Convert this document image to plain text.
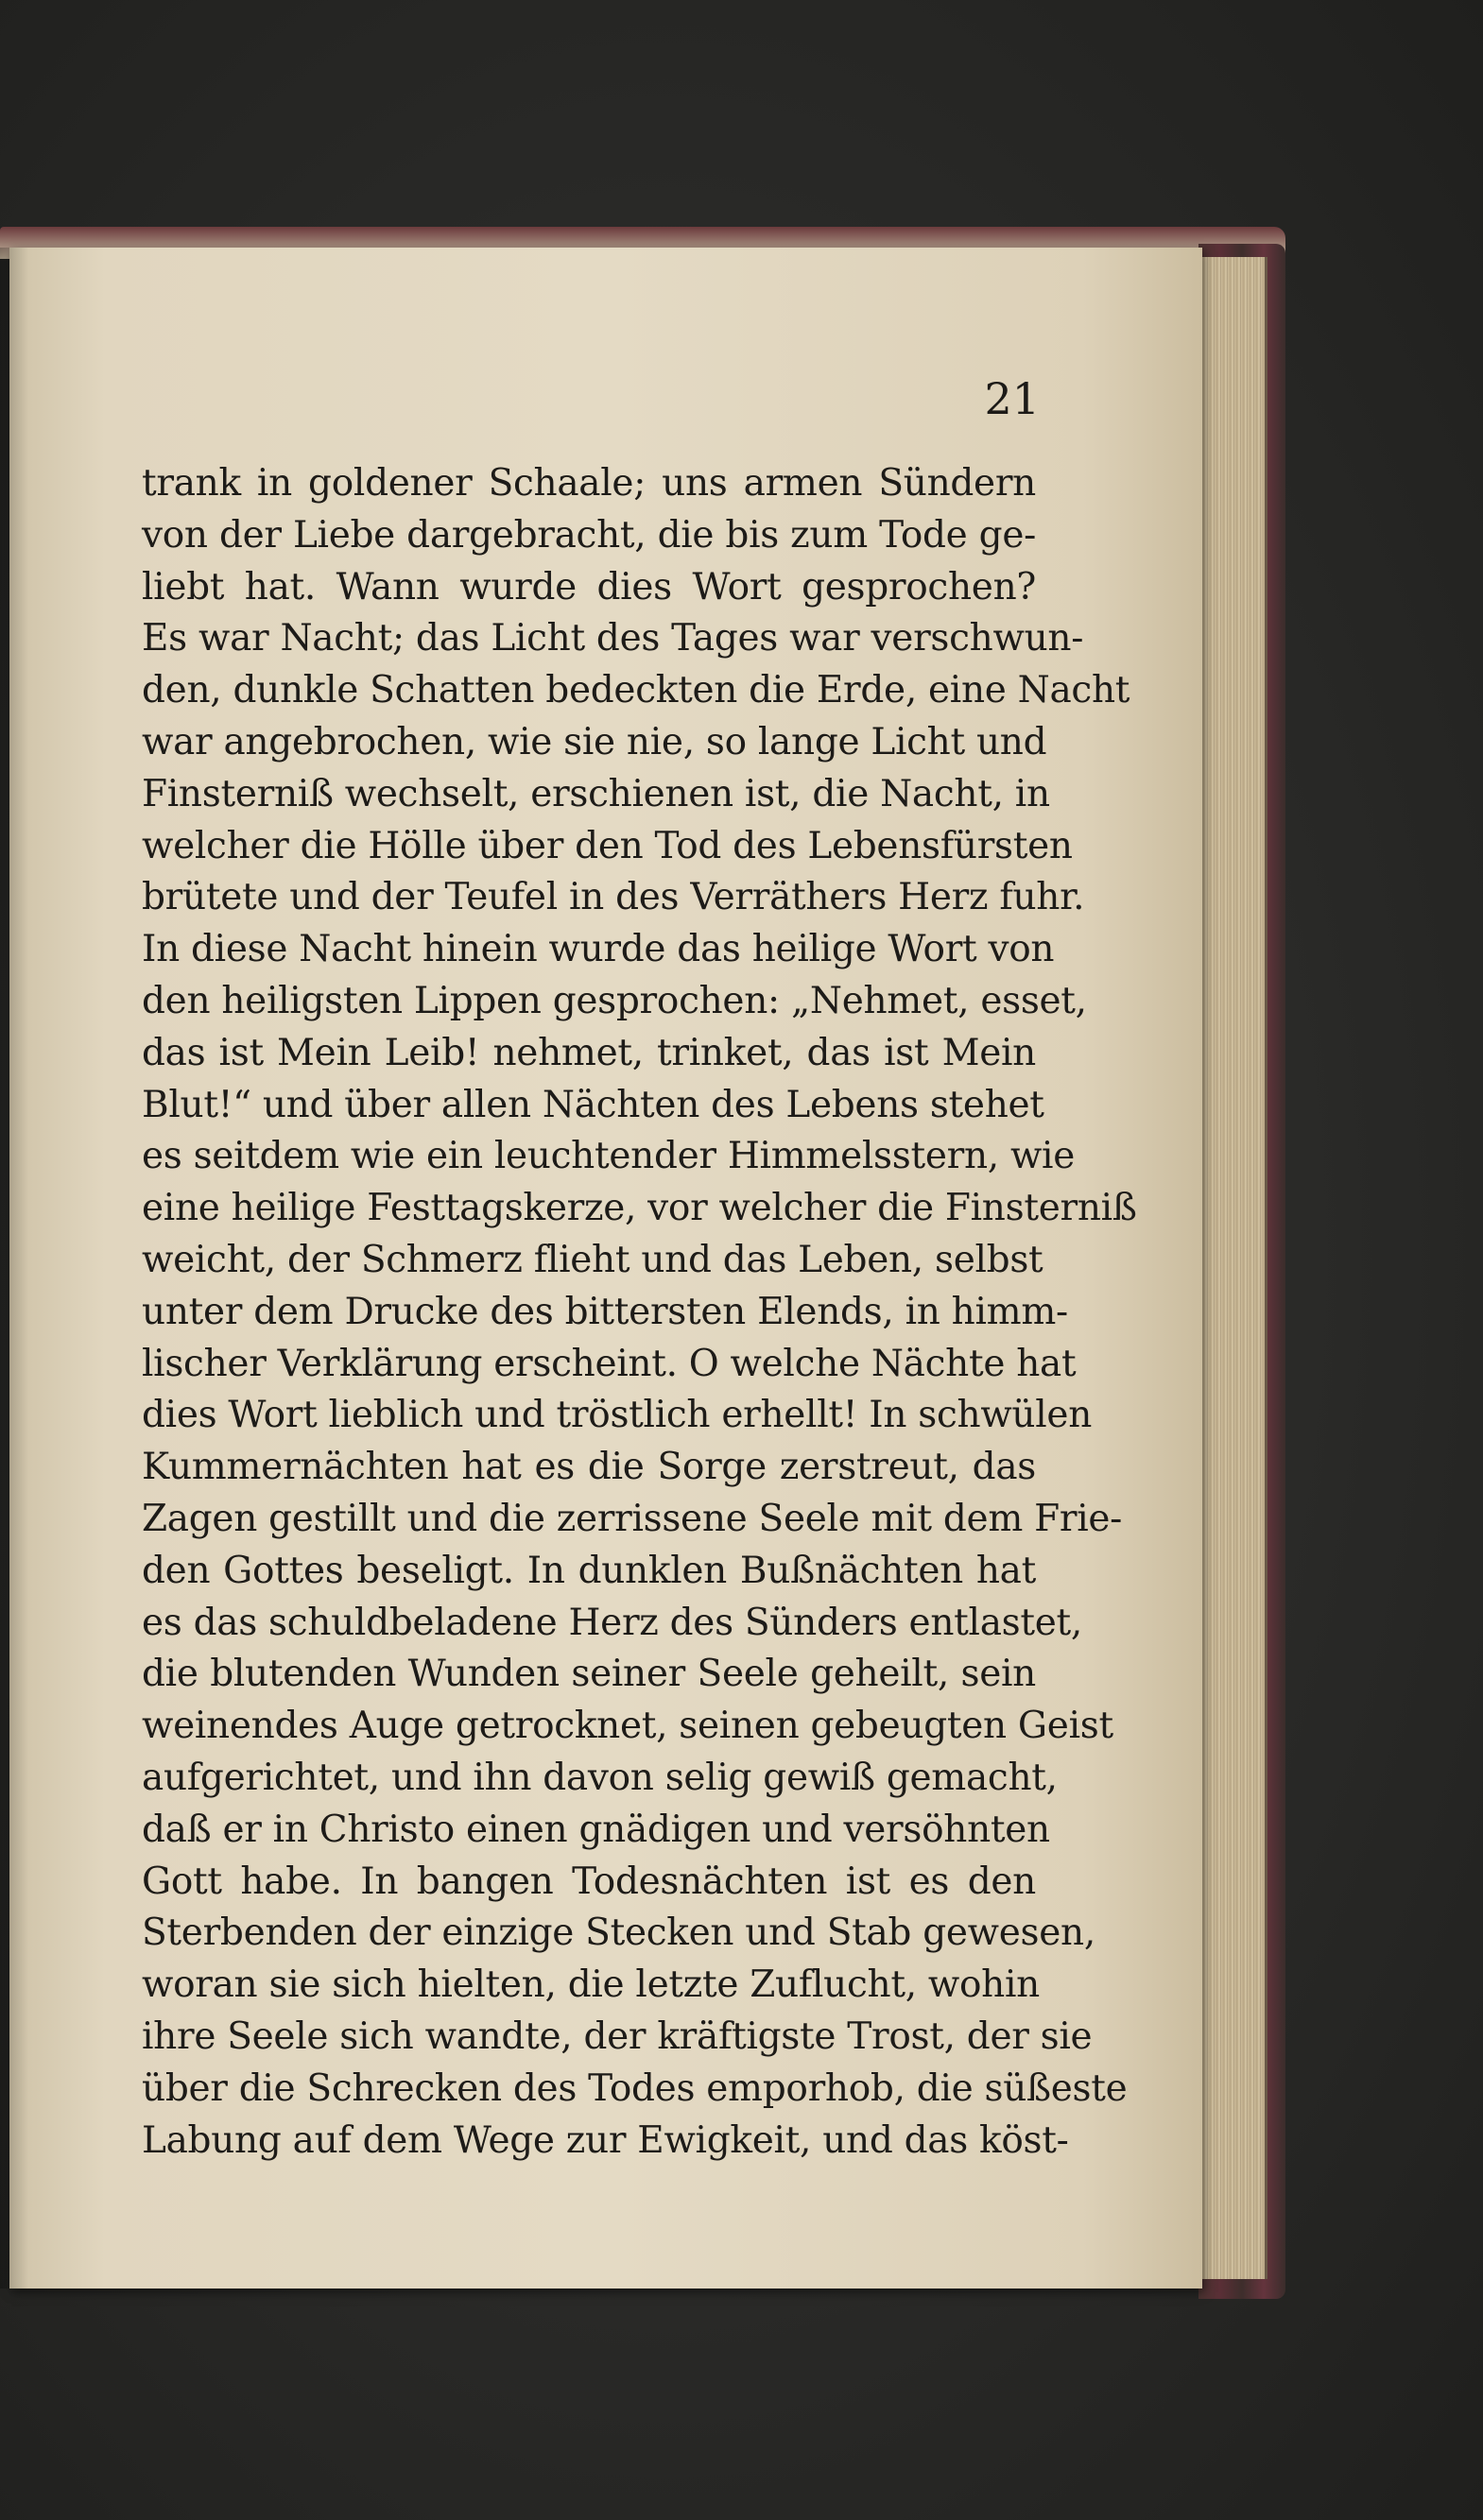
21
trank in goldener Schaale; uns armen Sündern
von der Liebe dargebracht, die bis zum Tode ge-
liebt hat. Wann wurde dies Wort gesprochen?
Es war Nacht; das Licht des Tages war verschwun-
den, dunkle Schatten bedeckten die Erde, eine Nacht
war angebrochen, wie sie nie, so lange Licht und
Finsterniß wechselt, erschienen ist, die Nacht, in
welcher die Hölle über den Tod des Lebensfürsten
brütete und der Teufel in des Verräthers Herz fuhr.
In diese Nacht hinein wurde das heilige Wort von
den heiligsten Lippen gesprochen: „Nehmet, esset,
das ist Mein Leib! nehmet, trinket, das ist Mein
Blut!“ und über allen Nächten des Lebens stehet
es seitdem wie ein leuchtender Himmelsstern, wie
eine heilige Festtagskerze, vor welcher die Finsterniß
weicht, der Schmerz flieht und das Leben, selbst
unter dem Drucke des bittersten Elends, in himm-
lischer Verklärung erscheint. O welche Nächte hat
dies Wort lieblich und tröstlich erhellt! In schwülen
Kummernächten hat es die Sorge zerstreut, das
Zagen gestillt und die zerrissene Seele mit dem Frie-
den Gottes beseligt. In dunklen Bußnächten hat
es das schuldbeladene Herz des Sünders entlastet,
die blutenden Wunden seiner Seele geheilt, sein
weinendes Auge getrocknet, seinen gebeugten Geist
aufgerichtet, und ihn davon selig gewiß gemacht,
daß er in Christo einen gnädigen und versöhnten
Gott habe. In bangen Todesnächten ist es den
Sterbenden der einzige Stecken und Stab gewesen,
woran sie sich hielten, die letzte Zuflucht, wohin
ihre Seele sich wandte, der kräftigste Trost, der sie
über die Schrecken des Todes emporhob, die süßeste
Labung auf dem Wege zur Ewigkeit, und das köst-
